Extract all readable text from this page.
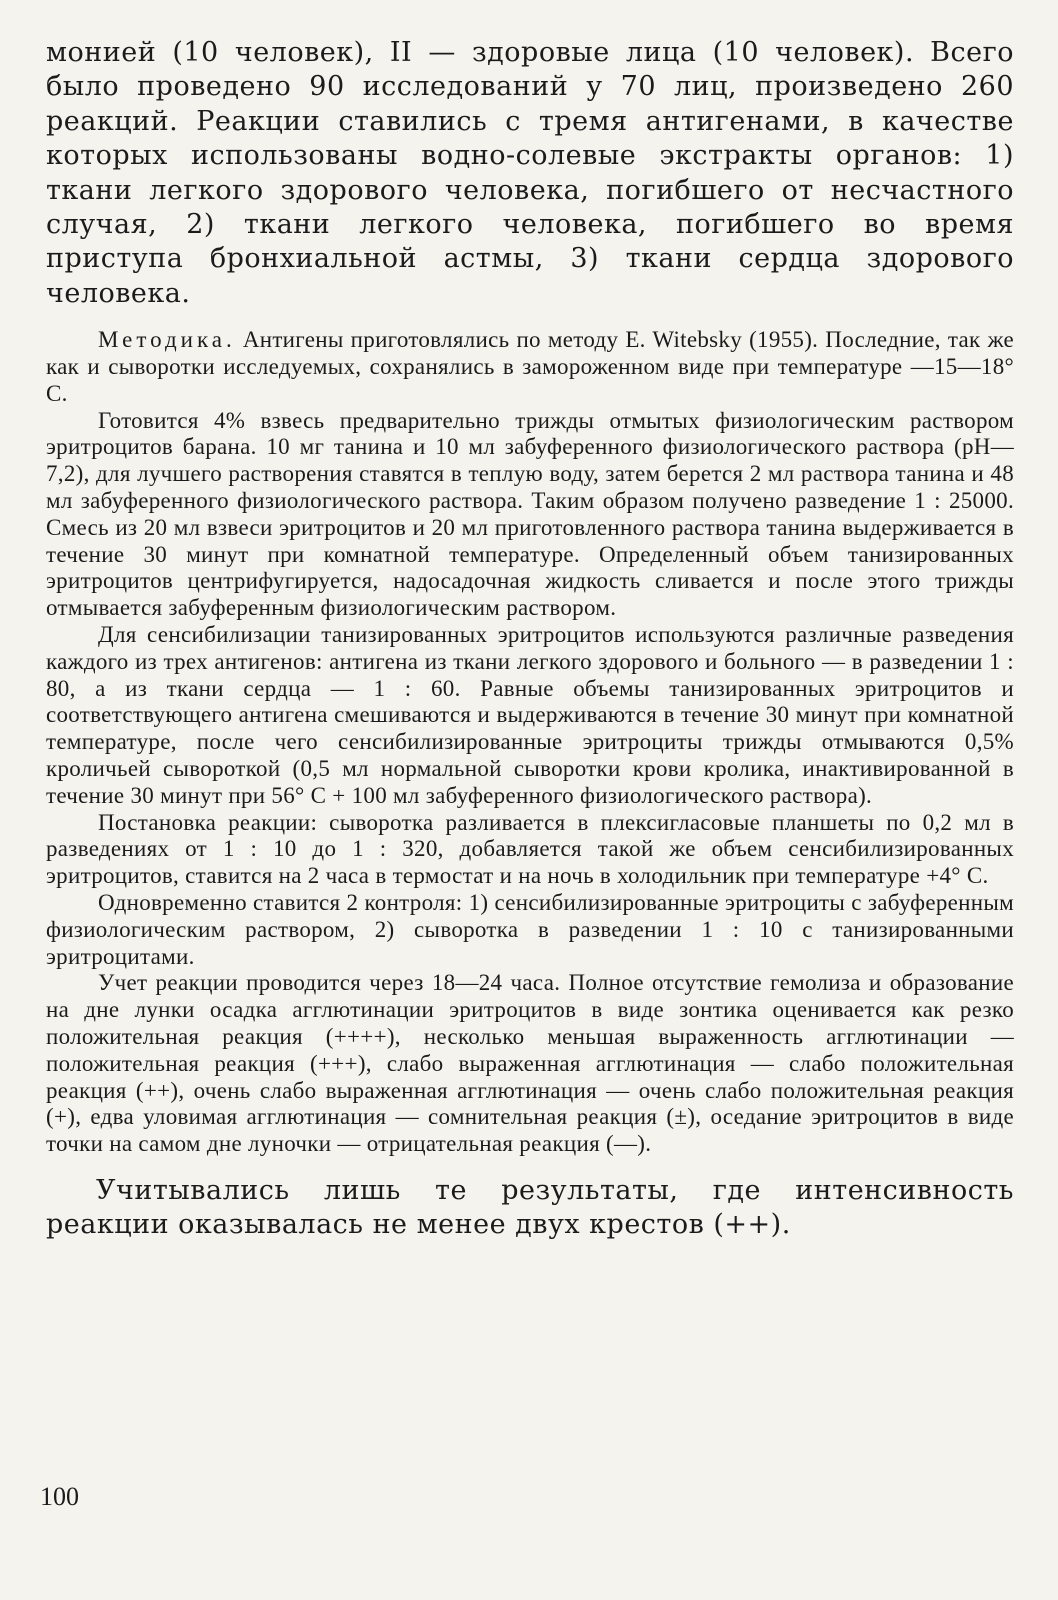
монией (10 человек), II — здоровые лица (10 человек). Всего было проведено 90 исследований у 70 лиц, произведено 260 реакций. Реакции ставились с тремя антигенами, в качестве которых использованы водно-солевые экстракты органов: 1) ткани легкого здорового человека, погибшего от несчастного случая, 2) ткани легкого человека, погибшего во время приступа бронхиальной астмы, 3) ткани сердца здорового человека.

Методика. Антигены приготовлялись по методу E. Witebsky (1955). Последние, так же как и сыворотки исследуемых, сохранялись в замороженном виде при температуре —15—18° C.

Готовится 4% взвесь предварительно трижды отмытых физиологическим раствором эритроцитов барана. 10 мг танина и 10 мл забуференного физиологического раствора (pH—7,2), для лучшего растворения ставятся в теплую воду, затем берется 2 мл раствора танина и 48 мл забуференного физиологического раствора. Таким образом получено разведение 1 : 25000. Смесь из 20 мл взвеси эритроцитов и 20 мл приготовленного раствора танина выдерживается в течение 30 минут при комнатной температуре. Определенный объем танизированных эритроцитов центрифугируется, надосадочная жидкость сливается и после этого трижды отмывается забуференным физиологическим раствором.

Для сенсибилизации танизированных эритроцитов используются различные разведения каждого из трех антигенов: антигена из ткани легкого здорового и больного — в разведении 1 : 80, а из ткани сердца — 1 : 60. Равные объемы танизированных эритроцитов и соответствующего антигена смешиваются и выдерживаются в течение 30 минут при комнатной температуре, после чего сенсибилизированные эритроциты трижды отмываются 0,5% кроличьей сывороткой (0,5 мл нормальной сыворотки крови кролика, инактивированной в течение 30 минут при 56° C + 100 мл забуференного физиологического раствора).

Постановка реакции: сыворотка разливается в плексигласовые планшеты по 0,2 мл в разведениях от 1 : 10 до 1 : 320, добавляется такой же объем сенсибилизированных эритроцитов, ставится на 2 часа в термостат и на ночь в холодильник при температуре +4° C.

Одновременно ставится 2 контроля: 1) сенсибилизированные эритроциты с забуференным физиологическим раствором, 2) сыворотка в разведении 1 : 10 с танизированными эритроцитами.

Учет реакции проводится через 18—24 часа. Полное отсутствие гемолиза и образование на дне лунки осадка агглютинации эритроцитов в виде зонтика оценивается как резко положительная реакция (++++), несколько меньшая выраженность агглютинации — положительная реакция (+++), слабо выраженная агглютинация — слабо положительная реакция (++), очень слабо выраженная агглютинация — очень слабо положительная реакция (+), едва уловимая агглютинация — сомнительная реакция (±), оседание эритроцитов в виде точки на самом дне луночки — отрицательная реакция (—).

Учитывались лишь те результаты, где интенсивность реакции оказывалась не менее двух крестов (++).

100
